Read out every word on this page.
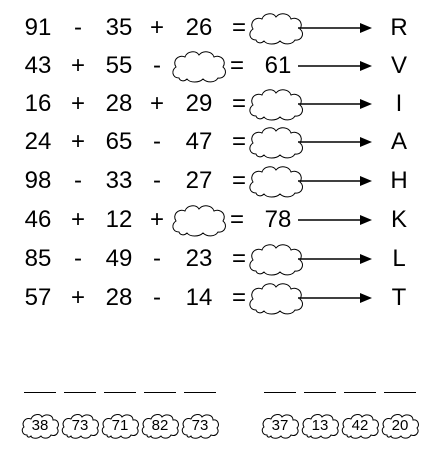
91 - 35 + 26 =	R
43 + 55 -	= 61	V
16 + 28 + 29 =	I
24 + 65 -	47 =	A
98 - 33 -	27 =	H
46 + 12 +	= 78	K
85 - 49 -	23 =	L
57 + 28 -	14 =	T
38	73	71	82	73	37	13	42	20
